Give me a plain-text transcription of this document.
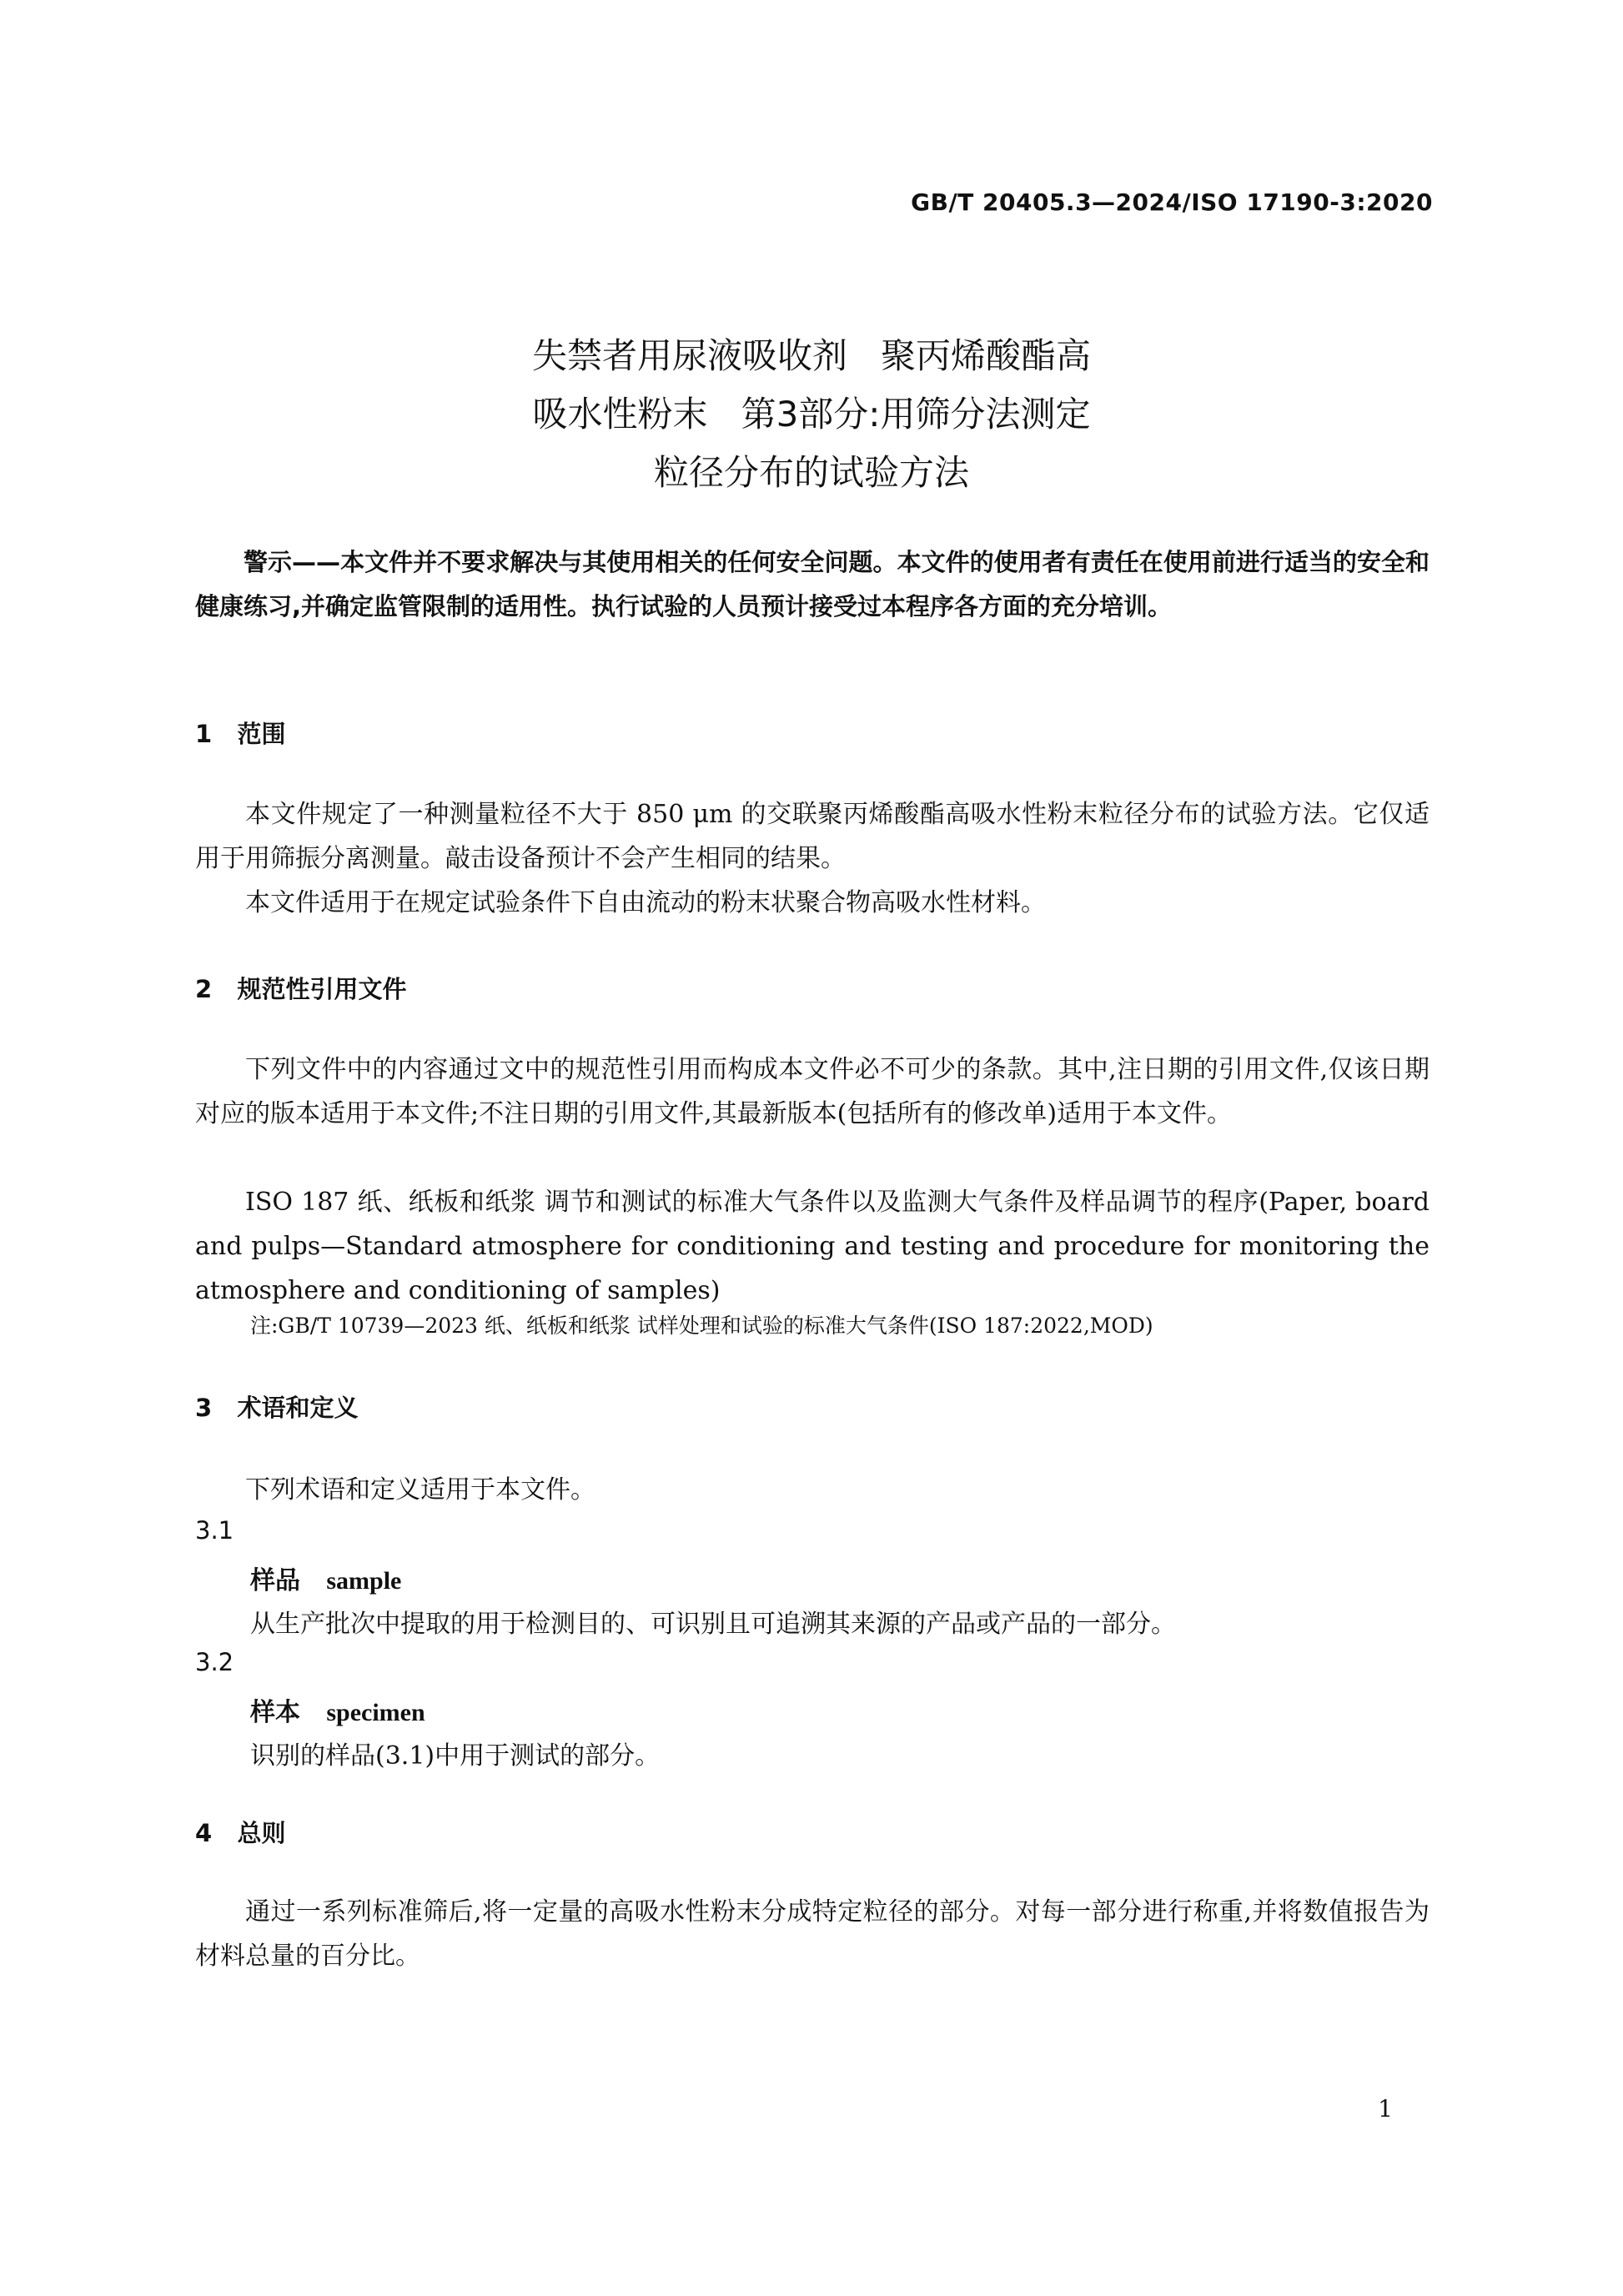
GB/T 20405.3—2024/ISO 17190-3:2020
失禁者用尿液吸收剂   聚丙烯酸酯高
吸水性粉末   第3部分:用筛分法测定
粒径分布的试验方法
警示——本文件并不要求解决与其使用相关的任何安全问题。本文件的使用者有责任在使用前进行适当的安全和健康练习,并确定监管限制的适用性。执行试验的人员预计接受过本程序各方面的充分培训。
1   范围
本文件规定了一种测量粒径不大于 850 μm 的交联聚丙烯酸酯高吸水性粉末粒径分布的试验方法。它仅适用于用筛振分离测量。敲击设备预计不会产生相同的结果。
本文件适用于在规定试验条件下自由流动的粉末状聚合物高吸水性材料。
2   规范性引用文件
下列文件中的内容通过文中的规范性引用而构成本文件必不可少的条款。其中,注日期的引用文件,仅该日期对应的版本适用于本文件;不注日期的引用文件,其最新版本(包括所有的修改单)适用于本文件。
ISO 187 纸、纸板和纸浆 调节和测试的标准大气条件以及监测大气条件及样品调节的程序(Paper, board and pulps—Standard atmosphere for conditioning and testing and procedure for monitoring the atmosphere and conditioning of samples)
注:GB/T 10739—2023 纸、纸板和纸浆 试样处理和试验的标准大气条件(ISO 187:2022,MOD)
3   术语和定义
下列术语和定义适用于本文件。
3.1
样品 sample
从生产批次中提取的用于检测目的、可识别且可追溯其来源的产品或产品的一部分。
3.2
样本 specimen
识别的样品(3.1)中用于测试的部分。
4   总则
通过一系列标准筛后,将一定量的高吸水性粉末分成特定粒径的部分。对每一部分进行称重,并将数值报告为材料总量的百分比。
1
